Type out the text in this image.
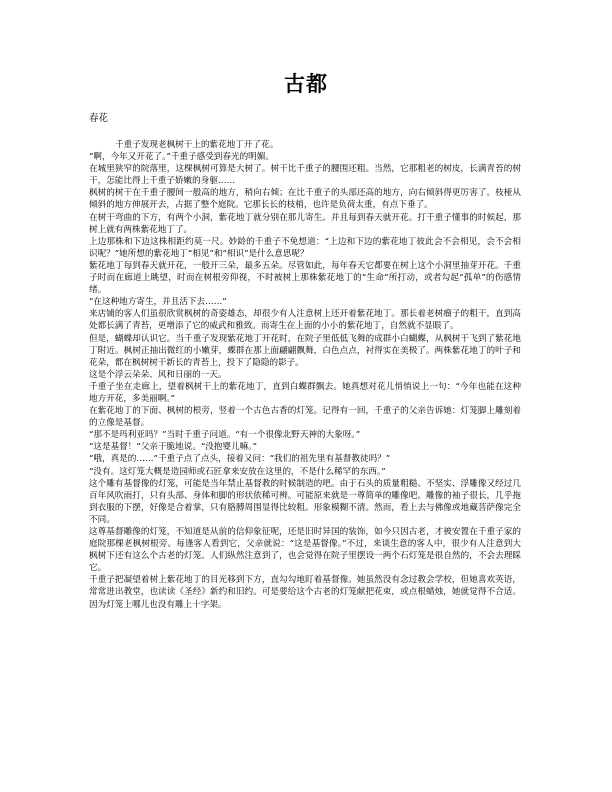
古都
春花

千重子发现老枫树干上的紫花地丁开了花。

“啊，今年又开花了。”千重子感受到春光的明媚。

在城里狭窄的院落里，这棵枫树可算是大树了。树干比千重子的腰围还粗。当然，它那粗老的树皮，长满青苔的树干，怎能比得上千重子娇嫩的身躯……

枫树的树干在千重子腰间一般高的地方，稍向右倾；在比千重子的头部还高的地方，向右倾斜得更厉害了。枝桠从倾斜的地方伸展开去，占据了整个庭院。它那长长的枝梢，也许是负荷太重，有点下垂了。

在树干弯曲的下方，有两个小洞，紫花地丁就分别在那儿寄生。并且每到春天就开花。打千重子懂事的时候起，那树上就有两株紫花地丁了。

上边那株和下边这株相距约莫一尺。妙龄的千重子不免想道：“上边和下边的紫花地丁彼此会不会相见，会不会相识呢？”她所想的紫花地丁“相见”和“相识”是什么意思呢？

紫花地丁每到春天就开花，一般开三朵，最多五朵。尽管如此，每年春天它都要在树上这个小洞里抽芽开花。千重子时而在廊道上眺望，时而在树根旁仰视，不时被树上那株紫花地丁的“生命”所打动，或者勾起“孤单”的伤感情绪。

“在这种地方寄生，并且活下去……”

来店铺的客人们虽很欣赏枫树的奇姿雄态，却很少有人注意树上还开着紫花地丁。那长着老树瘤子的粗干，直到高处都长满了青苔，更增添了它的威武和雅致。而寄生在上面的小小的紫花地丁，自然就不显眼了。

但是，蝴蝶却认识它。当千重子发现紫花地丁开花时，在院子里低低飞舞的成群小白蝴蝶，从枫树干飞到了紫花地丁附近。枫树正抽出微红的小嫩芽，蝶群在那上面翩翩飘舞，白色点点，衬得实在美极了。两株紫花地丁的叶子和花朵，都在枫树树干新长的青苔上，投下了隐隐的影子。

这是个浮云朵朵、风和日丽的一天。

千重子坐在走廊上，望着枫树干上的紫花地丁，直到白蝶群飘去。她真想对花儿悄悄说上一句：“今年也能在这种地方开花，多美丽啊。”

在紫花地丁的下面、枫树的根旁，竖着一个古色古香的灯笼。记得有一回，千重子的父亲告诉她：灯笼脚上雕刻着的立像是基督。

“那不是玛利亚吗？”当时千重子问道。“有一个很像北野天神的大象呀。”

“这是基督！”父亲干脆地说。“没抱婴儿嘛。”

“哦，真是的……”千重子点了点头，接着又问：“我们的祖先里有基督教徒吗？”

“没有。这灯笼大概是造园师或石匠拿来安放在这里的，不是什么稀罕的东西。”

这个雕有基督像的灯笼，可能是当年禁止基督教的时候制造的吧。由于石头的质量粗糙、不坚实、浮雕像又经过几百年风吹雨打，只有头部、身体和脚的形状依稀可辨。可能原来就是一尊简单的雕像吧。雕像的袖子很长，几乎拖到衣服的下摆，好像是合着掌，只有胳膊周围显得比较粗。形象模糊不清。然而，看上去与佛像或地藏菩萨像完全不同。

这尊基督雕像的灯笼，不知道是从前的信仰象征呢，还是旧时异国的装饰，如今只因古老，才被安置在千重子家的庭院那棵老枫树根旁。每逢客人看到它，父亲就说：“这是基督像。”不过，来谈生意的客人中，很少有人注意到大枫树下还有这么个古老的灯笼。人们纵然注意到了，也会觉得在院子里摆设一两个石灯笼是很自然的，不会去理睬它。

千重子把凝望着树上紫花地丁的目光移到下方，直勾勾地盯着基督像。她虽然没有念过教会学校，但她喜欢英语，常常进出教堂，也读读《圣经》新约和旧约。可是要给这个古老的灯笼献把花束，或点根蜡烛，她就觉得不合适。因为灯笼上哪儿也没有雕上十字架。
